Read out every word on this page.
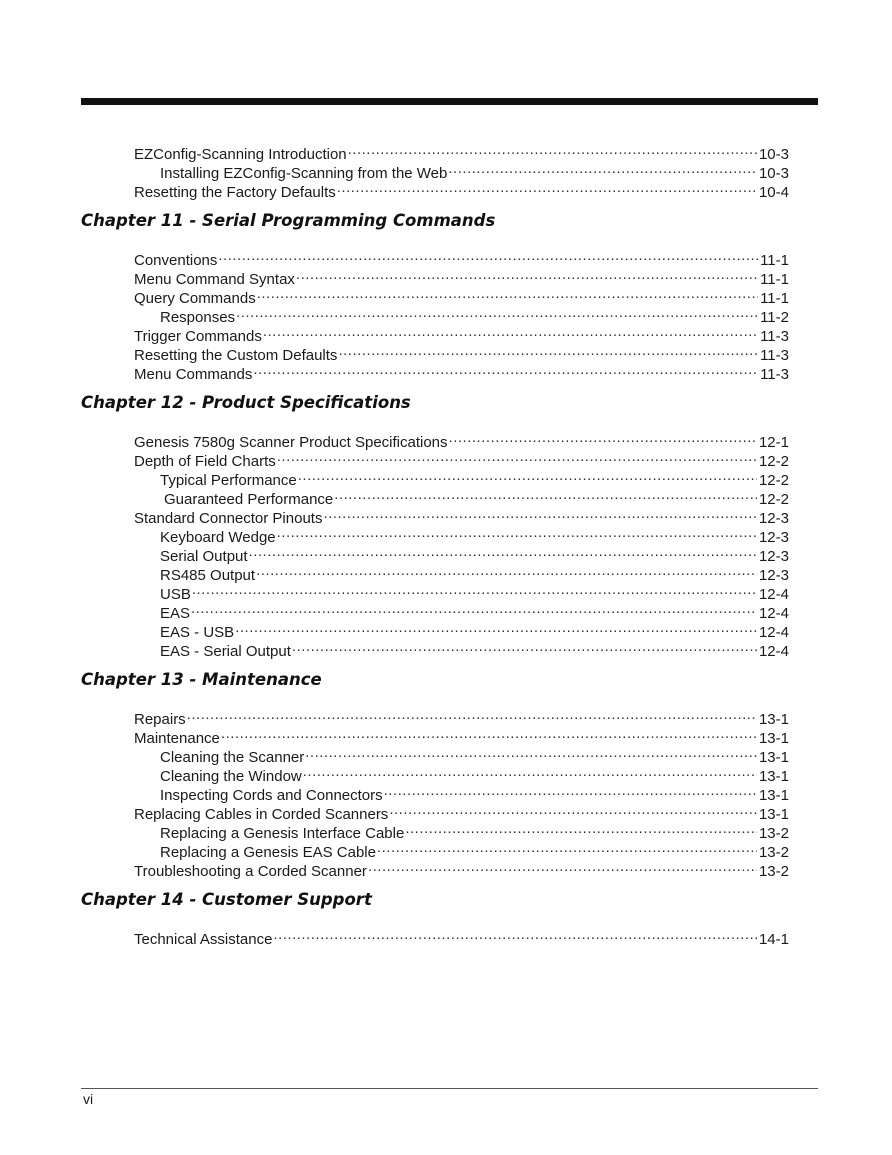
EZConfig-Scanning Introduction .....	10-3
Installing EZConfig-Scanning from the Web .....	10-3
Resetting the Factory Defaults .....	10-4
Chapter 11 - Serial Programming Commands
Conventions .....	11-1
Menu Command Syntax .....	11-1
Query Commands .....	11-1
Responses .....	11-2
Trigger Commands .....	11-3
Resetting the Custom Defaults .....	11-3
Menu Commands .....	11-3
Chapter 12 - Product Specifications
Genesis 7580g Scanner Product Specifications .....	12-1
Depth of Field Charts .....	12-2
Typical Performance .....	12-2
Guaranteed Performance .....	12-2
Standard Connector Pinouts .....	12-3
Keyboard Wedge .....	12-3
Serial Output .....	12-3
RS485 Output .....	12-3
USB .....	12-4
EAS .....	12-4
EAS - USB .....	12-4
EAS - Serial Output .....	12-4
Chapter 13 - Maintenance
Repairs .....	13-1
Maintenance .....	13-1
Cleaning the Scanner .....	13-1
Cleaning the Window .....	13-1
Inspecting Cords and Connectors .....	13-1
Replacing Cables in Corded Scanners .....	13-1
Replacing a Genesis Interface Cable .....	13-2
Replacing a Genesis EAS Cable .....	13-2
Troubleshooting a Corded Scanner .....	13-2
Chapter 14 - Customer Support
Technical Assistance .....	14-1
vi
